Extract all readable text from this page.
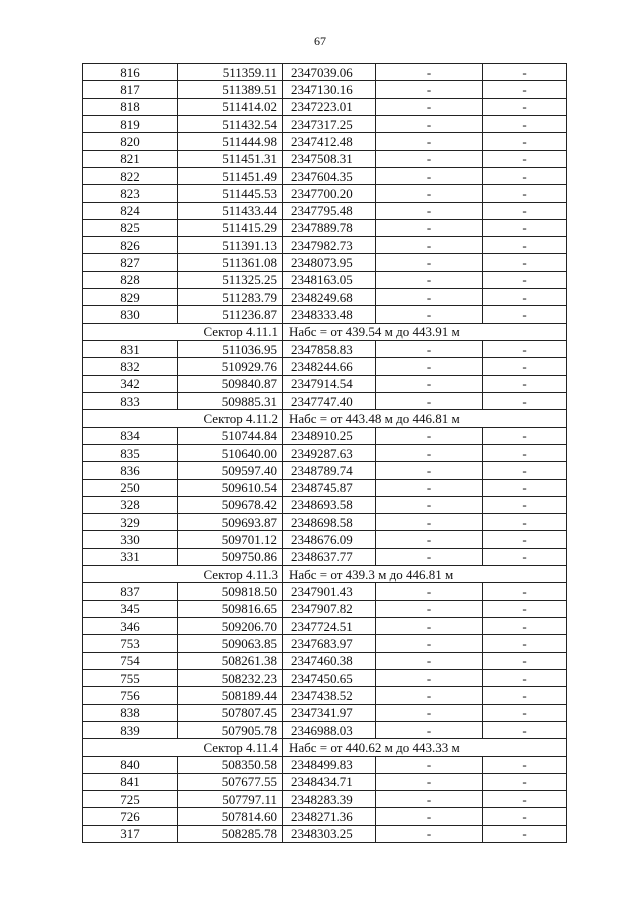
67
816	511359.11	2347039.06	-	-
817	511389.51	2347130.16	-	-
818	511414.02	2347223.01	-	-
819	511432.54	2347317.25	-	-
820	511444.98	2347412.48	-	-
821	511451.31	2347508.31	-	-
822	511451.49	2347604.35	-	-
823	511445.53	2347700.20	-	-
824	511433.44	2347795.48	-	-
825	511415.29	2347889.78	-	-
826	511391.13	2347982.73	-	-
827	511361.08	2348073.95	-	-
828	511325.25	2348163.05	-	-
829	511283.79	2348249.68	-	-
830	511236.87	2348333.48	-	-
Сектор 4.11.1		Набс = от 439.54 м до 443.91 м		
831	511036.95	2347858.83	-	-
832	510929.76	2348244.66	-	-
342	509840.87	2347914.54	-	-
833	509885.31	2347747.40	-	-
Сектор 4.11.2		Набс = от 443.48 м до 446.81 м		
834	510744.84	2348910.25	-	-
835	510640.00	2349287.63	-	-
836	509597.40	2348789.74	-	-
250	509610.54	2348745.87	-	-
328	509678.42	2348693.58	-	-
329	509693.87	2348698.58	-	-
330	509701.12	2348676.09	-	-
331	509750.86	2348637.77	-	-
Сектор 4.11.3		Набс = от 439.3 м до 446.81 м		
837	509818.50	2347901.43	-	-
345	509816.65	2347907.82	-	-
346	509206.70	2347724.51	-	-
753	509063.85	2347683.97	-	-
754	508261.38	2347460.38	-	-
755	508232.23	2347450.65	-	-
756	508189.44	2347438.52	-	-
838	507807.45	2347341.97	-	-
839	507905.78	2346988.03	-	-
Сектор 4.11.4		Набс = от 440.62 м до 443.33 м		
840	508350.58	2348499.83	-	-
841	507677.55	2348434.71	-	-
725	507797.11	2348283.39	-	-
726	507814.60	2348271.36	-	-
317	508285.78	2348303.25	-	-
